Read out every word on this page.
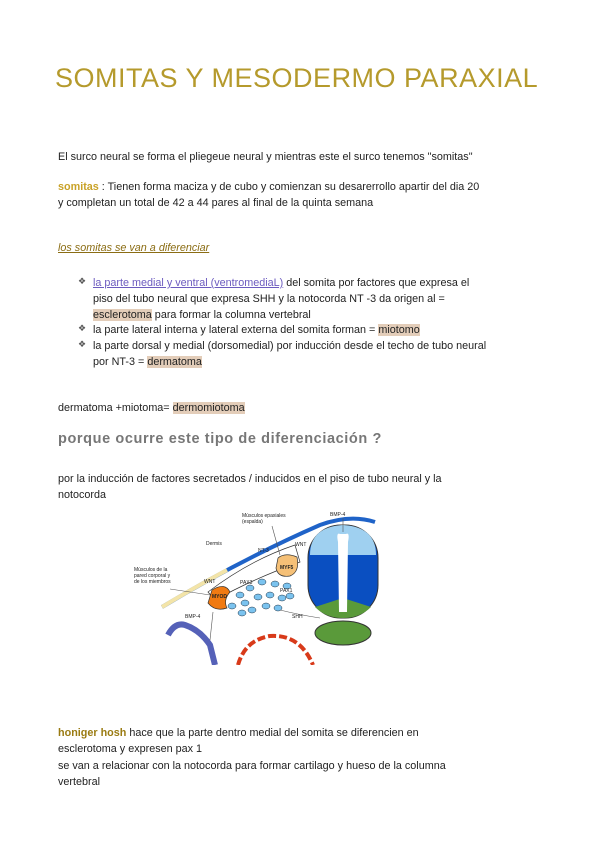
SOMITAS Y MESODERMO PARAXIAL
El surco neural se forma el pliegeue neural y mientras este el surco tenemos "somitas"
somitas : Tienen forma maciza y de cubo y comienzan su desarerrollo apartir del dia 20
y completan un total de 42 a 44 pares al final de la quinta semana
los somitas se van a diferenciar
❖ la parte medial y ventral (ventromediaL) del somita por factores que expresa el
piso del tubo neural que expresa SHH y la notocorda NT -3 da origen al =
esclerotoma para formar la columna vertebral
❖ la parte lateral interna y lateral externa del somita forman = miotomo
❖ la parte dorsal y medial (dorsomedial) por inducción desde el techo de tubo neural
por NT-3 = dermatoma
dermatoma +miotoma= dermomiotoma
porque ocurre este tipo de diferenciación ?
por la inducción de factores secretados / inducidos en el piso de tubo neural y la
notocorda
Músculos epaxiales
(espalda)
BMP-4
Dermis
NT-3
WNT
MYF5
Músculos de la
pared corporal y
de los miembros	WNT	PAX3
MYOD
PAX1
SHH
BMP-4
honiger hosh hace que la parte dentro medial del somita se diferencien en
esclerotoma y expresen pax 1
se van a relacionar con la notocorda para formar cartilago y hueso de la columna
vertebral
